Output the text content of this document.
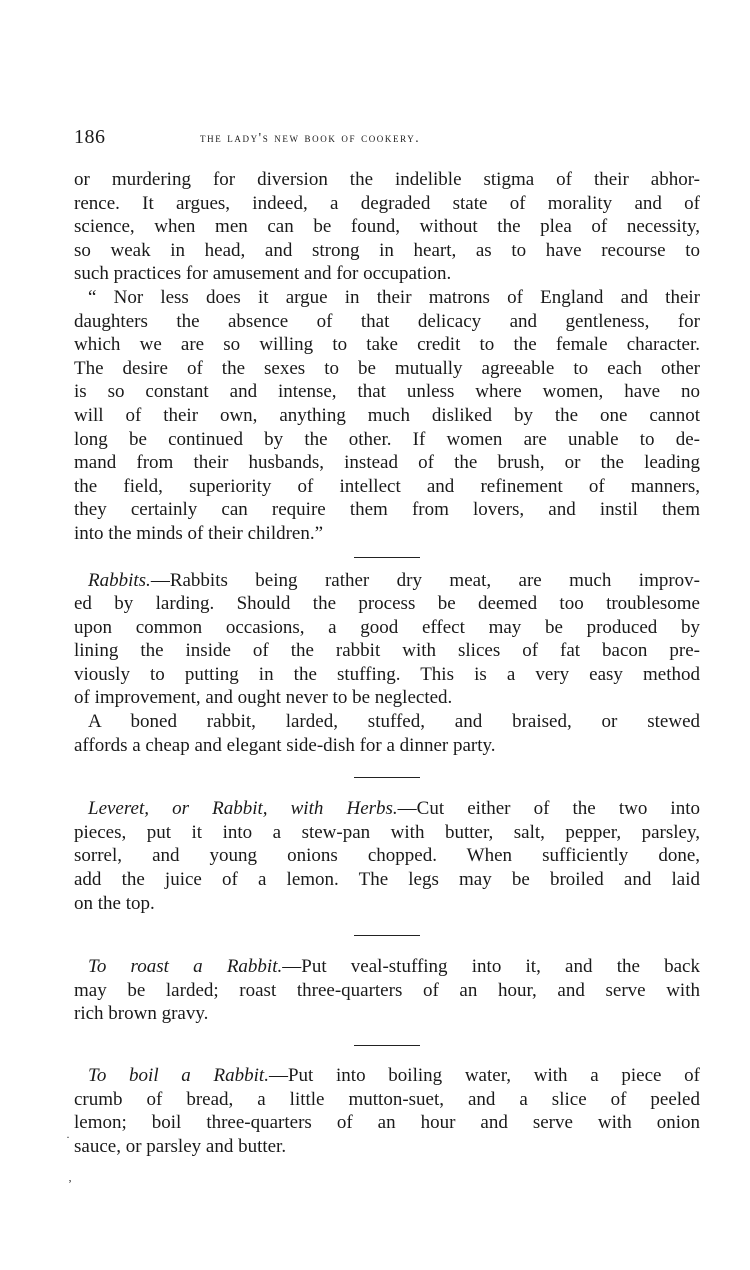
186	the lady's new book of cookery.
or murdering for diversion the indelible stigma of their abhor-
rence. It argues, indeed, a degraded state of morality and of
science, when men can be found, without the plea of necessity,
so weak in head, and strong in heart, as to have recourse to
such practices for amusement and for occupation.
“ Nor less does it argue in their matrons of England and their
daughters the absence of that delicacy and gentleness, for
which we are so willing to take credit to the female character.
The desire of the sexes to be mutually agreeable to each other
is so constant and intense, that unless where women, have no
will of their own, anything much disliked by the one cannot
long be continued by the other. If women are unable to de-
mand from their husbands, instead of the brush, or the leading
the field, superiority of intellect and refinement of manners,
they certainly can require them from lovers, and instil them
into the minds of their children.”
Rabbits.—Rabbits being rather dry meat, are much improv-
ed by larding. Should the process be deemed too troublesome
upon common occasions, a good effect may be produced by
lining the inside of the rabbit with slices of fat bacon pre-
viously to putting in the stuffing. This is a very easy method
of improvement, and ought never to be neglected.
A boned rabbit, larded, stuffed, and braised, or stewed
affords a cheap and elegant side-dish for a dinner party.
Leveret, or Rabbit, with Herbs.—Cut either of the two into
pieces, put it into a stew-pan with butter, salt, pepper, parsley,
sorrel, and young onions chopped. When sufficiently done,
add the juice of a lemon. The legs may be broiled and laid
on the top.
To roast a Rabbit.—Put veal-stuffing into it, and the back
may be larded; roast three-quarters of an hour, and serve with
rich brown gravy.
To boil a Rabbit.—Put into boiling water, with a piece of
crumb of bread, a little mutton-suet, and a slice of peeled
lemon; boil three-quarters of an hour and serve with onion
sauce, or parsley and butter.
·
‚
